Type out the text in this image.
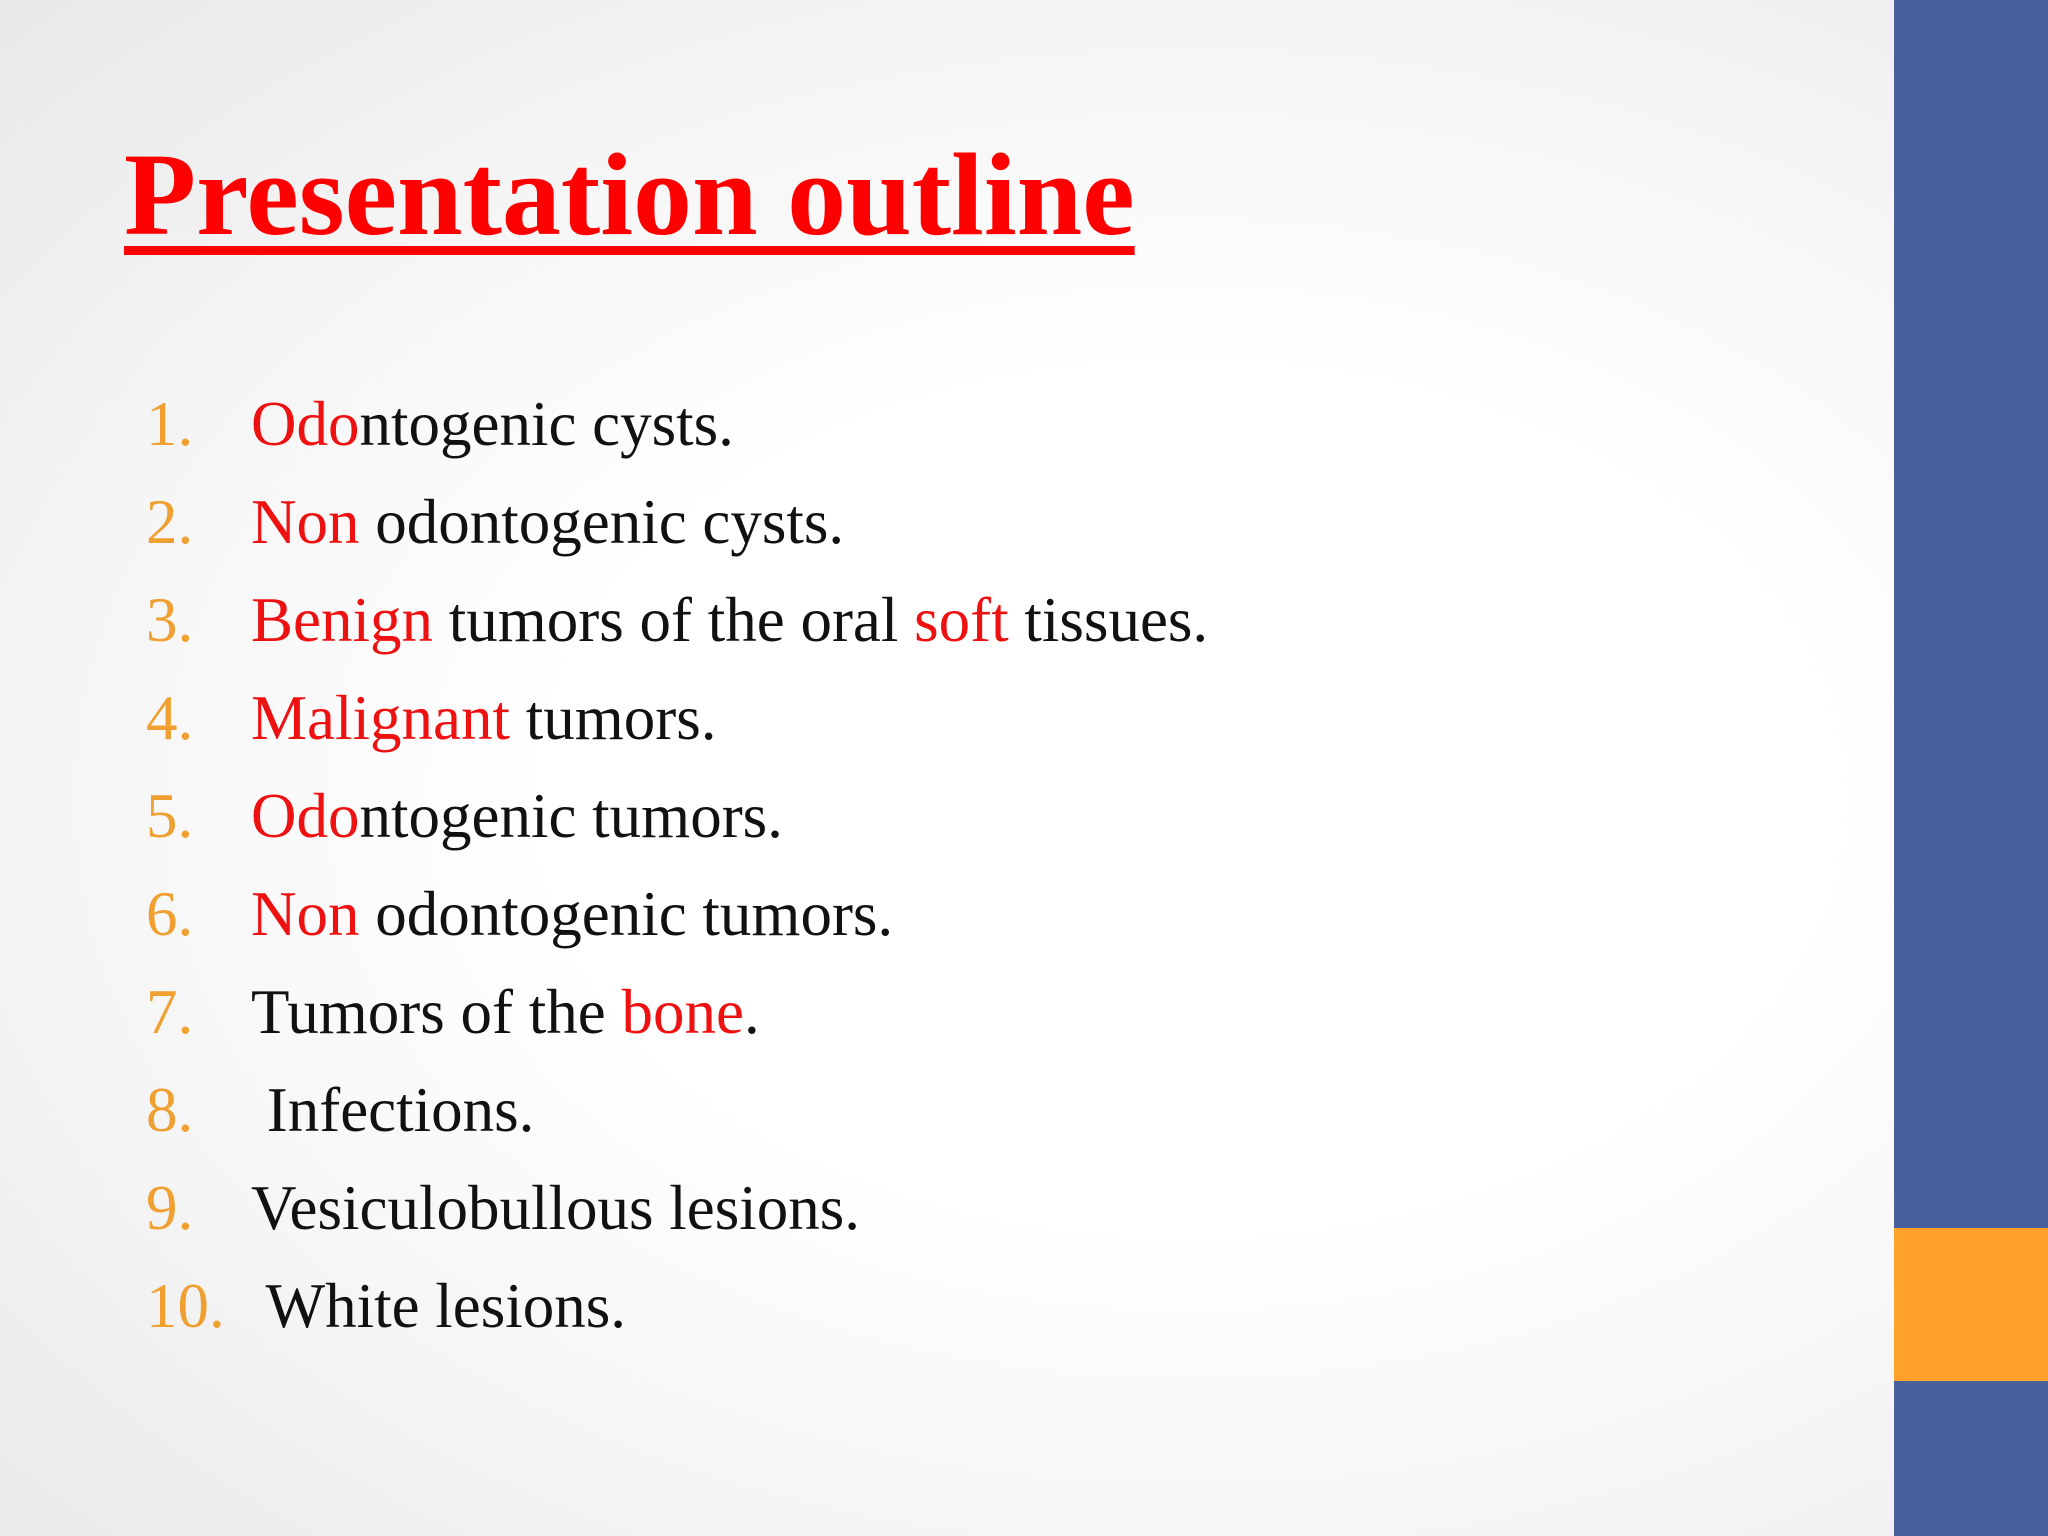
Presentation outline
1. Odontogenic cysts.
2. Non odontogenic cysts.
3. Benign tumors of the oral soft tissues.
4. Malignant tumors.
5. Odontogenic tumors.
6. Non odontogenic tumors.
7. Tumors of the bone.
8. Infections.
9. Vesiculobullous lesions.
10. White lesions.
